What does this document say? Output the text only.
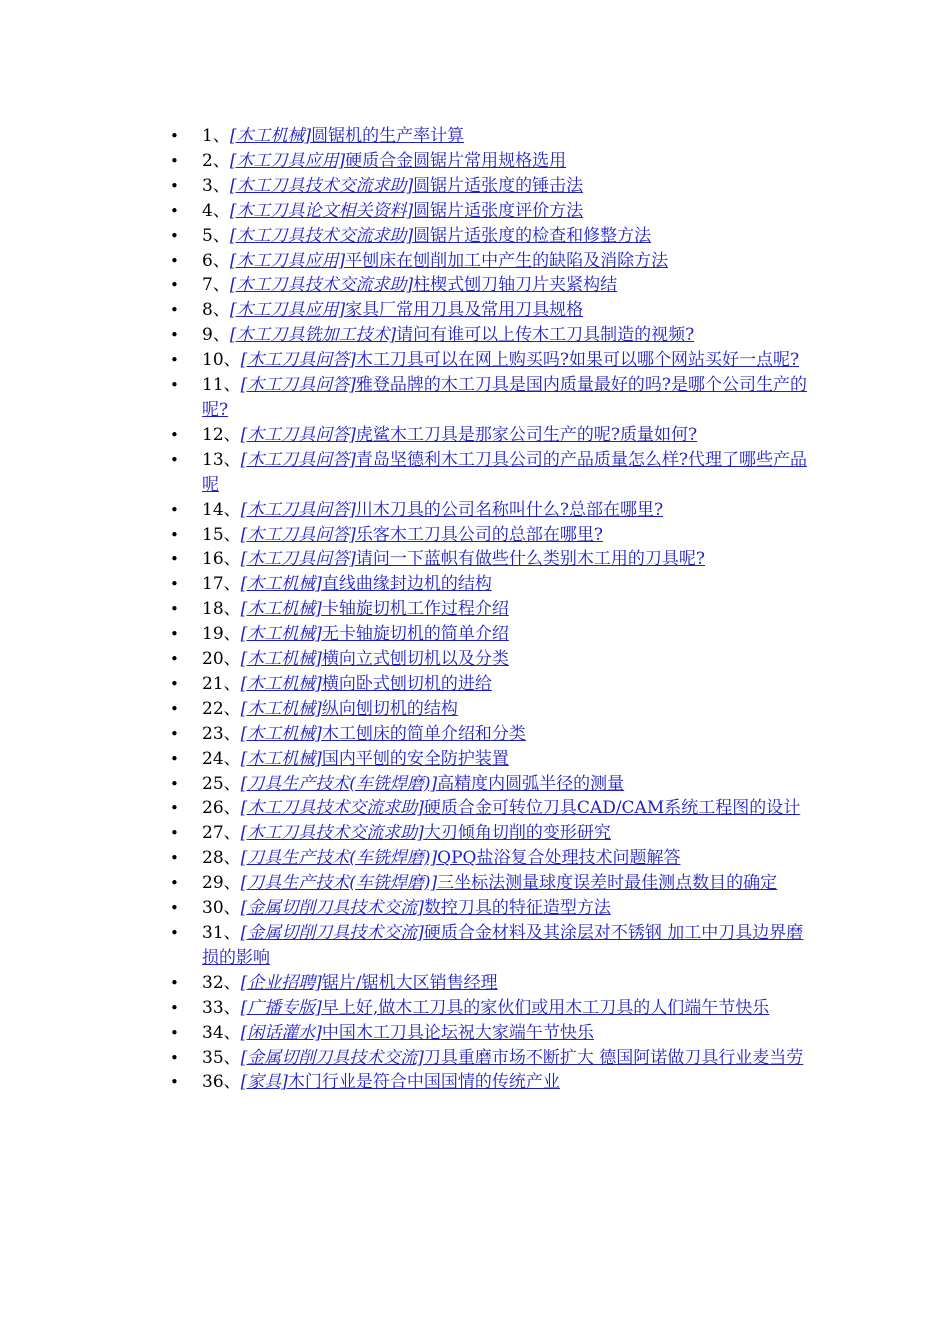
• 1、[木工机械]圆锯机的生产率计算
• 2、[木工刀具应用]硬质合金圆锯片常用规格选用
• 3、[木工刀具技术交流求助]圆锯片适张度的锤击法
• 4、[木工刀具论文相关资料]圆锯片适张度评价方法
• 5、[木工刀具技术交流求助]圆锯片适张度的检查和修整方法
• 6、[木工刀具应用]平刨床在刨削加工中产生的缺陷及消除方法
• 7、[木工刀具技术交流求助]柱楔式刨刀轴刀片夹紧构结
• 8、[木工刀具应用]家具厂常用刀具及常用刀具规格
• 9、[木工刀具铣加工技术]请问有谁可以上传木工刀具制造的视频?
• 10、[木工刀具问答]木工刀具可以在网上购买吗?如果可以哪个网站买好一点呢?
• 11、[木工刀具问答]雅登品牌的木工刀具是国内质量最好的吗?是哪个公司生产的呢?
• 12、[木工刀具问答]虎鲨木工刀具是那家公司生产的呢?质量如何?
• 13、[木工刀具问答]青岛坚德利木工刀具公司的产品质量怎么样?代理了哪些产品呢
• 14、[木工刀具问答]川木刀具的公司名称叫什么?总部在哪里?
• 15、[木工刀具问答]乐客木工刀具公司的总部在哪里?
• 16、[木工刀具问答]请问一下蓝帜有做些什么类别木工用的刀具呢?
• 17、[木工机械]直线曲缘封边机的结构
• 18、[木工机械]卡轴旋切机工作过程介绍
• 19、[木工机械]无卡轴旋切机的简单介绍
• 20、[木工机械]横向立式刨切机以及分类
• 21、[木工机械]横向卧式刨切机的进给
• 22、[木工机械]纵向刨切机的结构
• 23、[木工机械]木工刨床的简单介绍和分类
• 24、[木工机械]国内平刨的安全防护装置
• 25、[刀具生产技术(车铣焊磨)]高精度内圆弧半径的测量
• 26、[木工刀具技术交流求助]硬质合金可转位刀具CAD/CAM系统工程图的设计
• 27、[木工刀具技术交流求助]大刃倾角切削的变形研究
• 28、[刀具生产技术(车铣焊磨)]QPQ盐浴复合处理技术问题解答
• 29、[刀具生产技术(车铣焊磨)]三坐标法测量球度误差时最佳测点数目的确定
• 30、[金属切削刀具技术交流]数控刀具的特征造型方法
• 31、[金属切削刀具技术交流]硬质合金材料及其涂层对不锈钢 加工中刀具边界磨损的影响
• 32、[企业招聘]锯片/锯机大区销售经理
• 33、[广播专版]早上好,做木工刀具的家伙们或用木工刀具的人们端午节快乐
• 34、[闲话灌水]中国木工刀具论坛祝大家端午节快乐
• 35、[金属切削刀具技术交流]刀具重磨市场不断扩大 德国阿诺做刀具行业麦当劳
• 36、[家具]木门行业是符合中国国情的传统产业
